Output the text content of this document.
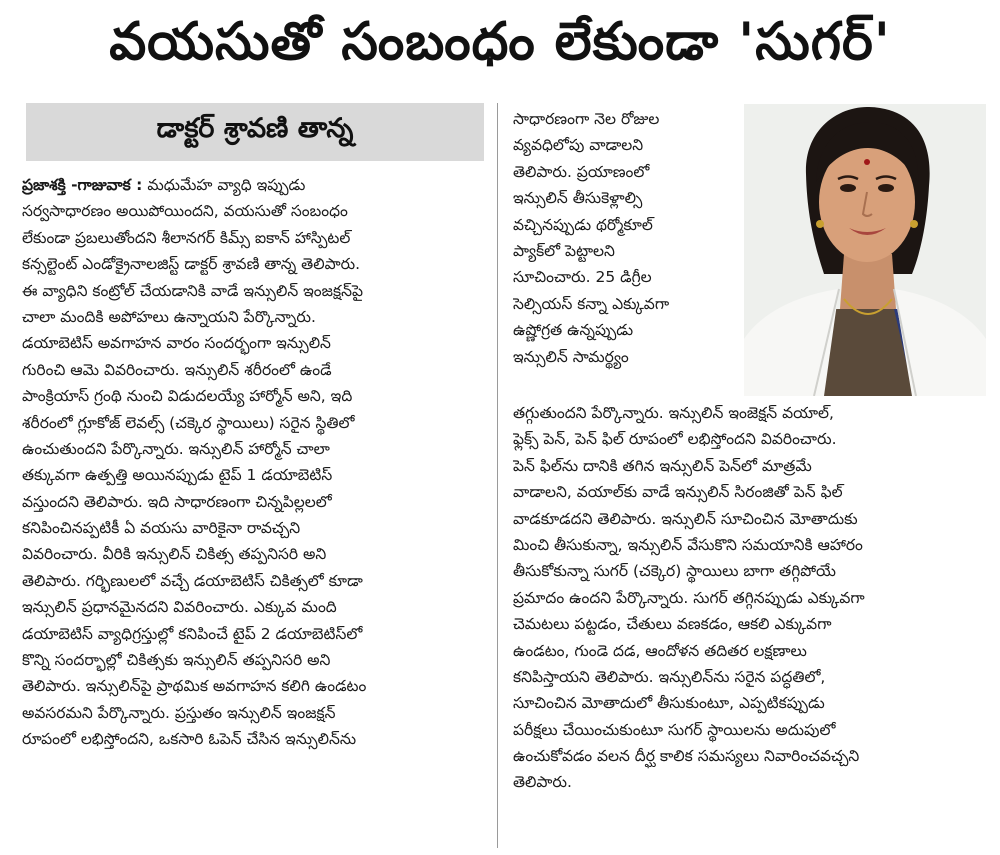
వయసుతో సంబంధం లేకుండా 'సుగర్'
డాక్టర్ శ్రావణి తాన్న
ప్రజాశక్తి -గాజువాక : మధుమేహ వ్యాధి ఇప్పుడు
సర్వసాధారణం అయిపోయిందని, వయసుతో సంబంధం
లేకుండా ప్రబలుతోందని శీలానగర్ కిమ్స్ ఐకాన్ హాస్పిటల్
కన్సల్టెంట్ ఎండోక్రైనాలజిస్ట్ డాక్టర్ శ్రావణి తాన్న తెలిపారు.
ఈ వ్యాధిని కంట్రోల్ చేయడానికి వాడే ఇన్సులిన్ ఇంజక్షన్‌పై
చాలా మందికి అపోహలు ఉన్నాయని పేర్కొన్నారు.
డయాబెటిస్ అవగాహన వారం సందర్భంగా ఇన్సులిన్
గురించి ఆమె వివరించారు. ఇన్సులిన్ శరీరంలో ఉండే
పాంక్రియాస్ గ్రంథి నుంచి విడుదలయ్యే హార్మోన్ అని, ఇది
శరీరంలో గ్లూకోజ్ లెవల్స్ (చక్కెర స్థాయిలు) సరైన స్థితిలో
ఉంచుతుందని పేర్కొన్నారు. ఇన్సులిన్ హార్మోన్ చాలా
తక్కువగా ఉత్పత్తి అయినప్పుడు టైప్ 1 డయాబెటిస్
వస్తుందని తెలిపారు. ఇది సాధారణంగా చిన్నపిల్లలలో
కనిపించినప్పటికీ ఏ వయసు వారికైనా రావచ్చని
వివరించారు. వీరికి ఇన్సులిన్ చికిత్స తప్పనిసరి అని
తెలిపారు. గర్భిణులలో వచ్చే డయాబెటిస్ చికిత్సలో కూడా
ఇన్సులిన్ ప్రధానమైనదని వివరించారు. ఎక్కువ మంది
డయాబెటిస్ వ్యాధిగ్రస్తుల్లో కనిపించే టైప్ 2 డయాబెటిస్‌లో
కొన్ని సందర్భాల్లో చికిత్సకు ఇన్సులిన్ తప్పనిసరి అని
తెలిపారు. ఇన్సులిన్‌పై ప్రాథమిక అవగాహన కలిగి ఉండటం
అవసరమని పేర్కొన్నారు. ప్రస్తుతం ఇన్సులిన్ ఇంజక్షన్
రూపంలో లభిస్తోందని, ఒకసారి ఓపెన్ చేసిన ఇన్సులిన్‌ను
సాధారణంగా నెల రోజుల
వ్యవధిలోపు వాడాలని
తెలిపారు. ప్రయాణంలో
ఇన్సులిన్ తీసుకెళ్లాల్సి
వచ్చినప్పుడు థర్మోకూల్
ప్యాక్‌లో పెట్టాలని
సూచించారు. 25 డిగ్రీల
సెల్సియస్ కన్నా ఎక్కువగా
ఉష్ణోగ్రత ఉన్నప్పుడు
ఇన్సులిన్ సామర్థ్యం
తగ్గుతుందని పేర్కొన్నారు. ఇన్సులిన్ ఇంజెక్షన్ వయాల్,
ఫ్లెక్స్ పెన్, పెన్ ఫిల్ రూపంలో లభిస్తోందని వివరించారు.
పెన్ ఫిల్‌ను దానికి తగిన ఇన్సులిన్ పెన్‌లో మాత్రమే
వాడాలని, వయాల్‌కు వాడే ఇన్సులిన్ సిరంజితో పెన్ ఫిల్
వాడకూడదని తెలిపారు. ఇన్సులిన్ సూచించిన మోతాదుకు
మించి తీసుకున్నా, ఇన్సులిన్ వేసుకొని సమయానికి ఆహారం
తీసుకోకున్నా సుగర్ (చక్కెర) స్థాయిలు బాగా తగ్గిపోయే
ప్రమాదం ఉందని పేర్కొన్నారు. సుగర్ తగ్గినప్పుడు ఎక్కువగా
చెమటలు పట్టడం, చేతులు వణకడం, ఆకలి ఎక్కువగా
ఉండటం, గుండె దడ, ఆందోళన తదితర లక్షణాలు
కనిపిస్తాయని తెలిపారు. ఇన్సులిన్‌ను సరైన పద్ధతిలో,
సూచించిన మోతాదులో తీసుకుంటూ, ఎప్పటికప్పుడు
పరీక్షలు చేయించుకుంటూ సుగర్ స్థాయిలను అదుపులో
ఉంచుకోవడం వలన దీర్ఘ కాలిక సమస్యలు నివారించవచ్చని
తెలిపారు.
